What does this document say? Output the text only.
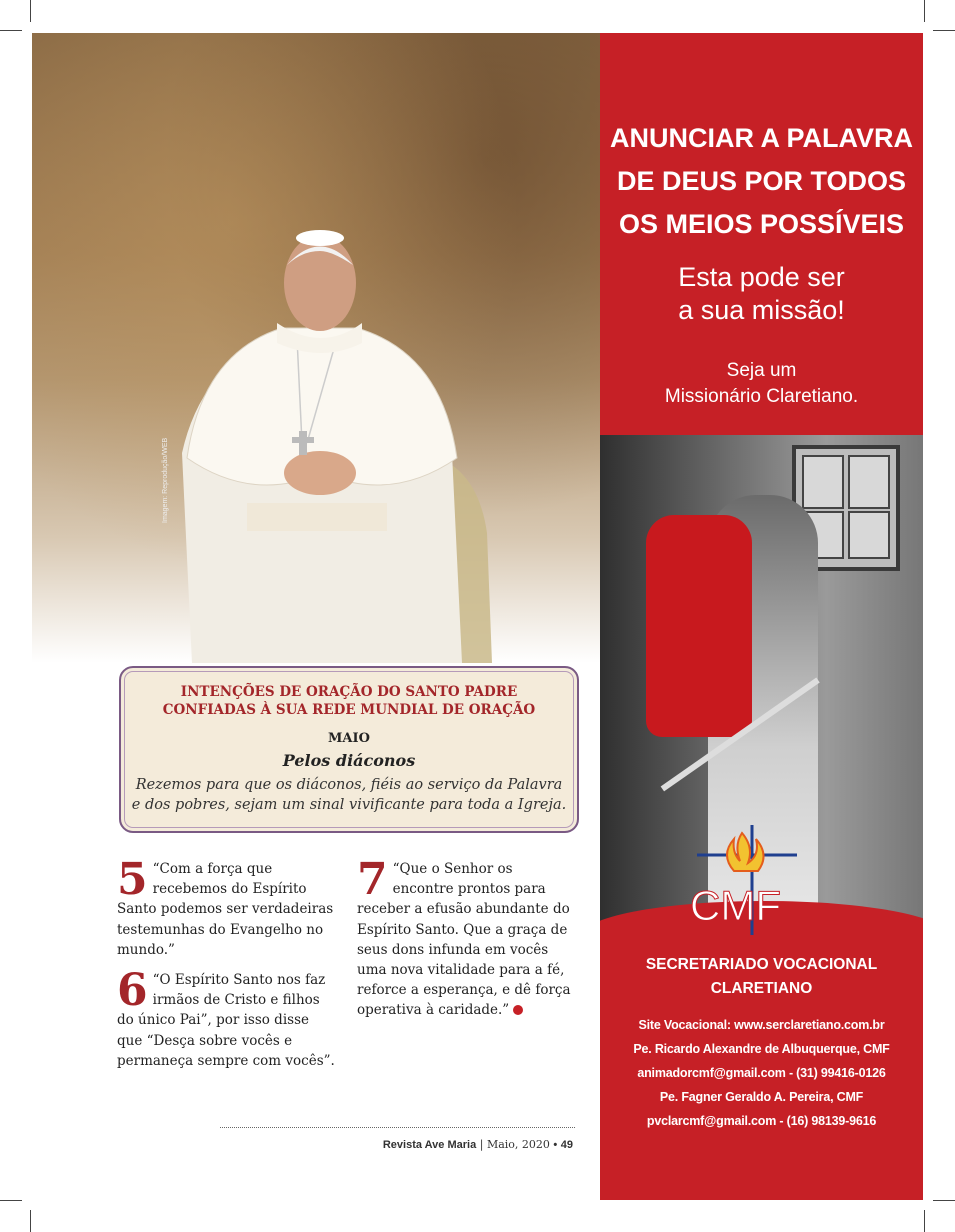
Imagem: Reprodução/WEB
INTENÇÕES DE ORAÇÃO DO SANTO PADRE
CONFIADAS À SUA REDE MUNDIAL DE ORAÇÃO
MAIO
Pelos diáconos
Rezemos para que os diáconos, fiéis ao serviço da Palavra
e dos pobres, sejam um sinal vivificante para toda a Igreja.

5 “Com a força que recebemos do Espírito Santo podemos ser verdadeiras testemunhas do Evangelho no mundo.”

6 “O Espírito Santo nos faz irmãos de Cristo e filhos do único Pai”, por isso disse que “Desça sobre vocês e permaneça sempre com vocês”.

7 “Que o Senhor os encontre prontos para receber a efusão abundante do Espírito Santo. Que a graça de seus dons infunda em vocês uma nova vitalidade para a fé, reforce a esperança, e dê força operativa à caridade.”

Revista Ave Maria | Maio, 2020 • 49
ANUNCIAR A PALAVRA
DE DEUS POR TODOS
OS MEIOS POSSÍVEIS
Esta pode ser
a sua missão!
Seja um
Missionário Claretiano.
CMF
SECRETARIADO VOCACIONAL
CLARETIANO
Site Vocacional: www.serclaretiano.com.br
Pe. Ricardo Alexandre de Albuquerque, CMF
animadorcmf@gmail.com - (31) 99416-0126
Pe. Fagner Geraldo A. Pereira, CMF
pvclarcmf@gmail.com - (16) 98139-9616
